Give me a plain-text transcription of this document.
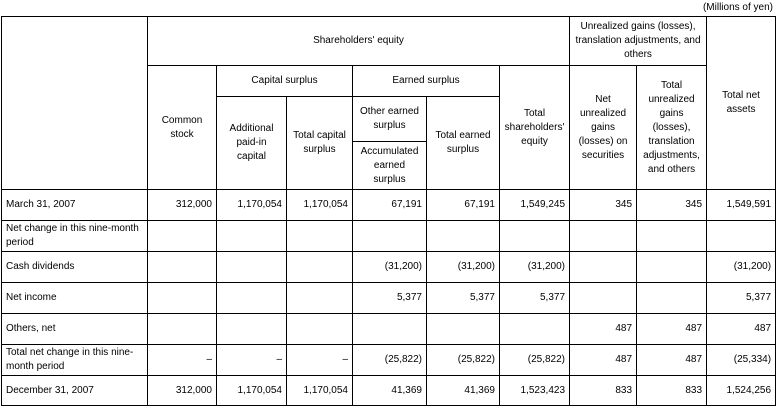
(Millions of yen)
	Shareholders' equity						Unrealized gains (losses), translation adjustments, and others		Total net assets
	Common stock	Capital surplus		Earned surplus		Total shareholders' equity	Net unrealized gains (losses) on securities	Total unrealized gains (losses), translation adjustments, and others	
		Additional paid-in capital	Total capital surplus	Other earned surplus	Total earned surplus				
				Accumulated earned surplus					
March 31, 2007	312,000	1,170,054	1,170,054	67,191	67,191	1,549,245	345	345	1,549,591
Net change in this nine-month period									
Cash dividends				(31,200)	(31,200)	(31,200)			(31,200)
Net income				5,377	5,377	5,377			5,377
Others, net							487	487	487
Total net change in this nine-month period	–	–	–	(25,822)	(25,822)	(25,822)	487	487	(25,334)
December 31, 2007	312,000	1,170,054	1,170,054	41,369	41,369	1,523,423	833	833	1,524,256
